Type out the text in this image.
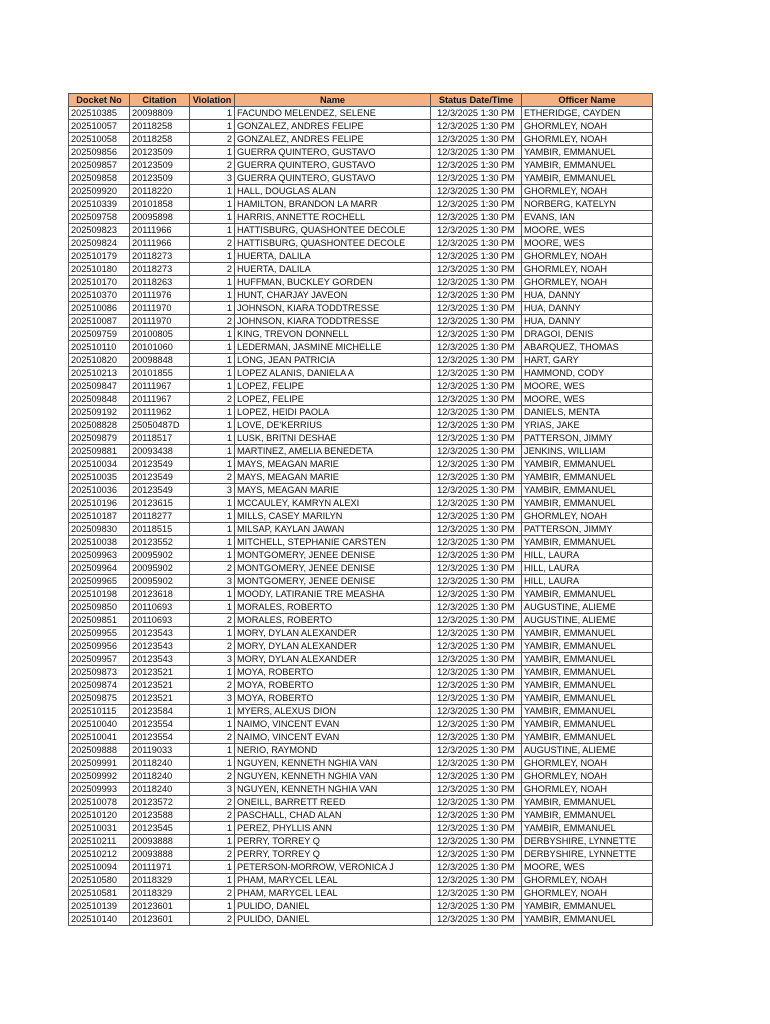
Docket No	Citation	Violation	Name	Status Date/Time	Officer Name
202510385	20098809	1	FACUNDO MELENDEZ, SELENE	12/3/2025 1:30 PM	ETHERIDGE, CAYDEN
202510057	20118258	1	GONZALEZ, ANDRES FELIPE	12/3/2025 1:30 PM	GHORMLEY, NOAH
202510058	20118258	2	GONZALEZ, ANDRES FELIPE	12/3/2025 1:30 PM	GHORMLEY, NOAH
202509856	20123509	1	GUERRA QUINTERO, GUSTAVO	12/3/2025 1:30 PM	YAMBIR, EMMANUEL
202509857	20123509	2	GUERRA QUINTERO, GUSTAVO	12/3/2025 1:30 PM	YAMBIR, EMMANUEL
202509858	20123509	3	GUERRA QUINTERO, GUSTAVO	12/3/2025 1:30 PM	YAMBIR, EMMANUEL
202509920	20118220	1	HALL, DOUGLAS ALAN	12/3/2025 1:30 PM	GHORMLEY, NOAH
202510339	20101858	1	HAMILTON, BRANDON LA MARR	12/3/2025 1:30 PM	NORBERG, KATELYN
202509758	20095898	1	HARRIS, ANNETTE ROCHELL	12/3/2025 1:30 PM	EVANS, IAN
202509823	20111966	1	HATTISBURG, QUASHONTEE DECOLE	12/3/2025 1:30 PM	MOORE, WES
202509824	20111966	2	HATTISBURG, QUASHONTEE DECOLE	12/3/2025 1:30 PM	MOORE, WES
202510179	20118273	1	HUERTA, DALILA	12/3/2025 1:30 PM	GHORMLEY, NOAH
202510180	20118273	2	HUERTA, DALILA	12/3/2025 1:30 PM	GHORMLEY, NOAH
202510170	20118263	1	HUFFMAN, BUCKLEY GORDEN	12/3/2025 1:30 PM	GHORMLEY, NOAH
202510370	20111976	1	HUNT, CHARJAY JAVEON	12/3/2025 1:30 PM	HUA, DANNY
202510086	20111970	1	JOHNSON, KIARA TODDTRESSE	12/3/2025 1:30 PM	HUA, DANNY
202510087	20111970	2	JOHNSON, KIARA TODDTRESSE	12/3/2025 1:30 PM	HUA, DANNY
202509759	20100805	1	KING, TREVON DONNELL	12/3/2025 1:30 PM	DRAGOI, DENIS
202510110	20101060	1	LEDERMAN, JASMINE MICHELLE	12/3/2025 1:30 PM	ABARQUEZ, THOMAS
202510820	20098848	1	LONG, JEAN PATRICIA	12/3/2025 1:30 PM	HART, GARY
202510213	20101855	1	LOPEZ ALANIS, DANIELA A	12/3/2025 1:30 PM	HAMMOND, CODY
202509847	20111967	1	LOPEZ, FELIPE	12/3/2025 1:30 PM	MOORE, WES
202509848	20111967	2	LOPEZ, FELIPE	12/3/2025 1:30 PM	MOORE, WES
202509192	20111962	1	LOPEZ, HEIDI PAOLA	12/3/2025 1:30 PM	DANIELS, MENTA
202508828	25050487D	1	LOVE, DE'KERRIUS	12/3/2025 1:30 PM	YRIAS, JAKE
202509879	20118517	1	LUSK, BRITNI DESHAE	12/3/2025 1:30 PM	PATTERSON, JIMMY
202509881	20093438	1	MARTINEZ, AMELIA BENEDETA	12/3/2025 1:30 PM	JENKINS, WILLIAM
202510034	20123549	1	MAYS, MEAGAN MARIE	12/3/2025 1:30 PM	YAMBIR, EMMANUEL
202510035	20123549	2	MAYS, MEAGAN MARIE	12/3/2025 1:30 PM	YAMBIR, EMMANUEL
202510036	20123549	3	MAYS, MEAGAN MARIE	12/3/2025 1:30 PM	YAMBIR, EMMANUEL
202510196	20123615	1	MCCAULEY, KAMRYN ALEXI	12/3/2025 1:30 PM	YAMBIR, EMMANUEL
202510187	20118277	1	MILLS, CASEY MARILYN	12/3/2025 1:30 PM	GHORMLEY, NOAH
202509830	20118515	1	MILSAP, KAYLAN JAWAN	12/3/2025 1:30 PM	PATTERSON, JIMMY
202510038	20123552	1	MITCHELL, STEPHANIE CARSTEN	12/3/2025 1:30 PM	YAMBIR, EMMANUEL
202509963	20095902	1	MONTGOMERY, JENEE DENISE	12/3/2025 1:30 PM	HILL, LAURA
202509964	20095902	2	MONTGOMERY, JENEE DENISE	12/3/2025 1:30 PM	HILL, LAURA
202509965	20095902	3	MONTGOMERY, JENEE DENISE	12/3/2025 1:30 PM	HILL, LAURA
202510198	20123618	1	MOODY, LATIRANIE TRE MEASHA	12/3/2025 1:30 PM	YAMBIR, EMMANUEL
202509850	20110693	1	MORALES, ROBERTO	12/3/2025 1:30 PM	AUGUSTINE, ALIEME
202509851	20110693	2	MORALES, ROBERTO	12/3/2025 1:30 PM	AUGUSTINE, ALIEME
202509955	20123543	1	MORY, DYLAN ALEXANDER	12/3/2025 1:30 PM	YAMBIR, EMMANUEL
202509956	20123543	2	MORY, DYLAN ALEXANDER	12/3/2025 1:30 PM	YAMBIR, EMMANUEL
202509957	20123543	3	MORY, DYLAN ALEXANDER	12/3/2025 1:30 PM	YAMBIR, EMMANUEL
202509873	20123521	1	MOYA, ROBERTO	12/3/2025 1:30 PM	YAMBIR, EMMANUEL
202509874	20123521	2	MOYA, ROBERTO	12/3/2025 1:30 PM	YAMBIR, EMMANUEL
202509875	20123521	3	MOYA, ROBERTO	12/3/2025 1:30 PM	YAMBIR, EMMANUEL
202510115	20123584	1	MYERS, ALEXUS DION	12/3/2025 1:30 PM	YAMBIR, EMMANUEL
202510040	20123554	1	NAIMO, VINCENT EVAN	12/3/2025 1:30 PM	YAMBIR, EMMANUEL
202510041	20123554	2	NAIMO, VINCENT EVAN	12/3/2025 1:30 PM	YAMBIR, EMMANUEL
202509888	20119033	1	NERIO, RAYMOND	12/3/2025 1:30 PM	AUGUSTINE, ALIEME
202509991	20118240	1	NGUYEN, KENNETH NGHIA VAN	12/3/2025 1:30 PM	GHORMLEY, NOAH
202509992	20118240	2	NGUYEN, KENNETH NGHIA VAN	12/3/2025 1:30 PM	GHORMLEY, NOAH
202509993	20118240	3	NGUYEN, KENNETH NGHIA VAN	12/3/2025 1:30 PM	GHORMLEY, NOAH
202510078	20123572	2	ONEILL, BARRETT REED	12/3/2025 1:30 PM	YAMBIR, EMMANUEL
202510120	20123588	2	PASCHALL, CHAD ALAN	12/3/2025 1:30 PM	YAMBIR, EMMANUEL
202510031	20123545	1	PEREZ, PHYLLIS ANN	12/3/2025 1:30 PM	YAMBIR, EMMANUEL
202510211	20093888	1	PERRY, TORREY Q	12/3/2025 1:30 PM	DERBYSHIRE, LYNNETTE
202510212	20093888	2	PERRY, TORREY Q	12/3/2025 1:30 PM	DERBYSHIRE, LYNNETTE
202510094	20111971	1	PETERSON-MORROW, VERONICA J	12/3/2025 1:30 PM	MOORE, WES
202510580	20118329	1	PHAM, MARYCEL LEAL	12/3/2025 1:30 PM	GHORMLEY, NOAH
202510581	20118329	2	PHAM, MARYCEL LEAL	12/3/2025 1:30 PM	GHORMLEY, NOAH
202510139	20123601	1	PULIDO, DANIEL	12/3/2025 1:30 PM	YAMBIR, EMMANUEL
202510140	20123601	2	PULIDO, DANIEL	12/3/2025 1:30 PM	YAMBIR, EMMANUEL
